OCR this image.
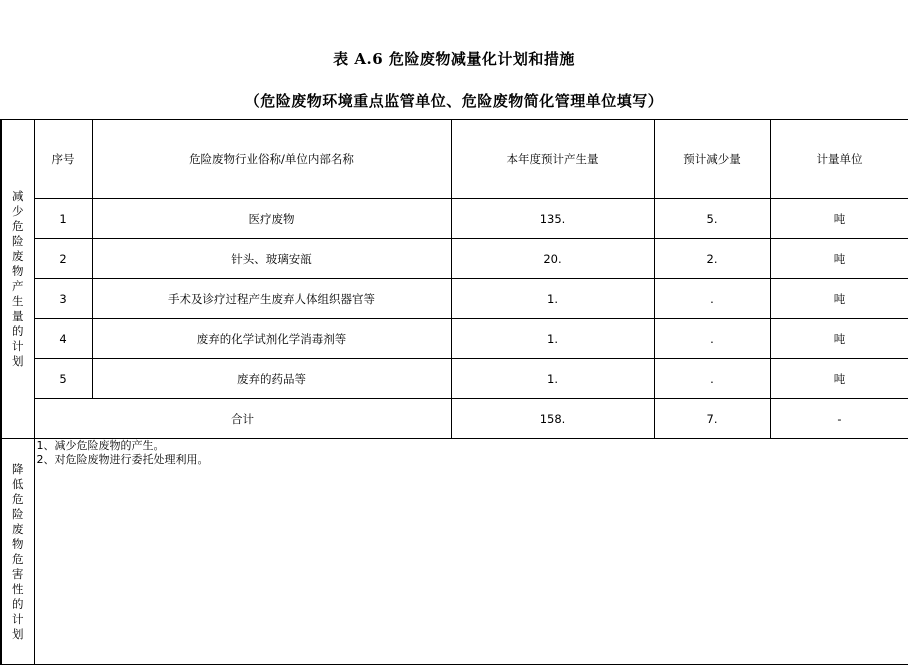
表 A.6 危险废物减量化计划和措施
（危险废物环境重点监管单位、危险废物简化管理单位填写）
减少危险废物产生量的计划	序号	危险废物行业俗称/单位内部名称	本年度预计产生量	预计减少量	计量单位
	1	医疗废物	135.	5.	吨
	2	针头、玻璃安瓿	20.	2.	吨
	3	手术及诊疗过程产生废弃人体组织器官等	1.	.	吨
	4	废弃的化学试剂化学消毒剂等	1.	.	吨
	5	废弃的药品等	1.	.	吨
	合计		158.	7.	-
降低危险废物危害性的计划	1、减少危险废物的产生。
2、对危险废物进行委托处理利用。				
